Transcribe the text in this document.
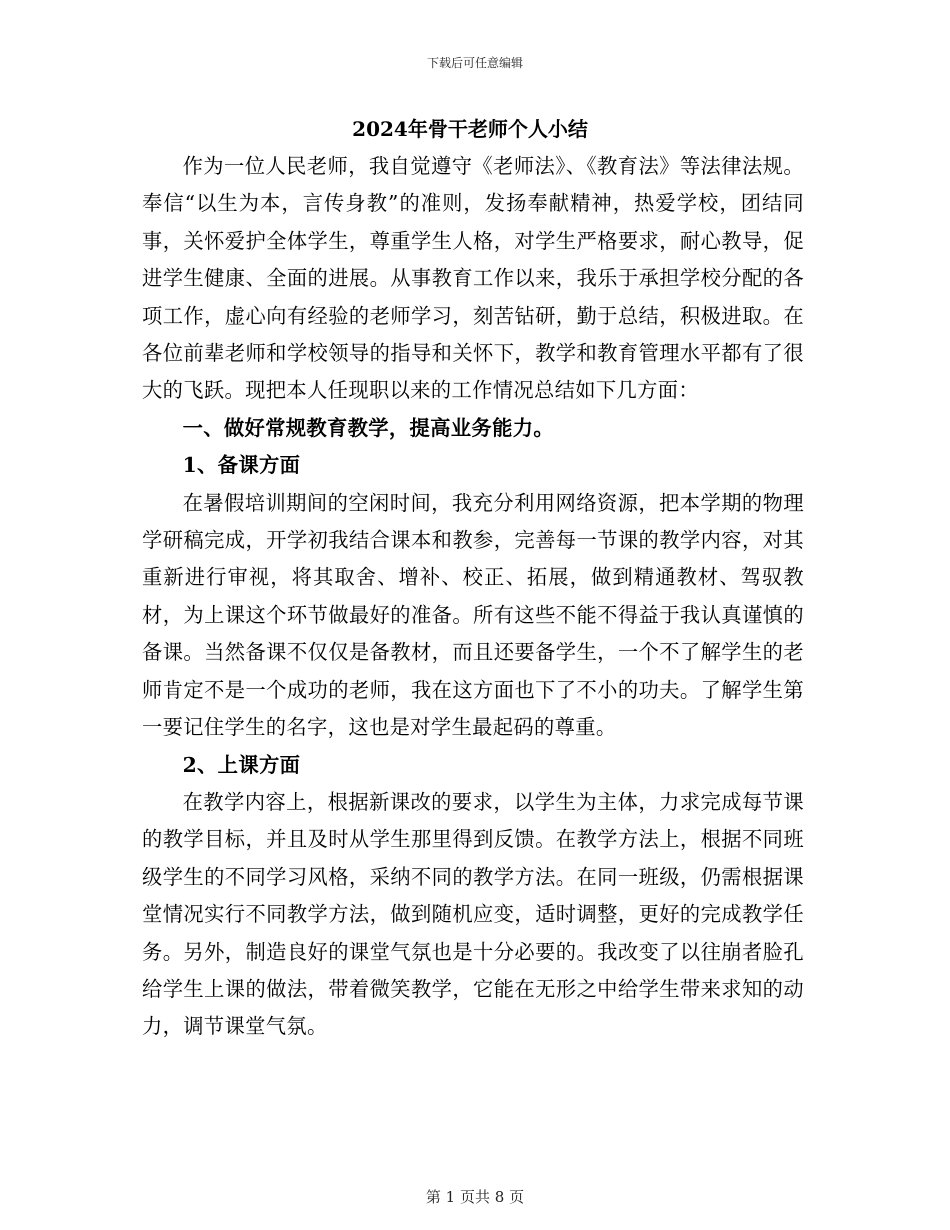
下载后可任意编辑
2024年骨干老师个人小结

作为一位人民老师，我自觉遵守《老师法》、《教育法》等法律法规。奉信“以生为本，言传身教”的准则，发扬奉献精神，热爱学校，团结同事，关怀爱护全体学生，尊重学生人格，对学生严格要求，耐心教导，促进学生健康、全面的进展。从事教育工作以来，我乐于承担学校分配的各项工作，虚心向有经验的老师学习，刻苦钻研，勤于总结，积极进取。在各位前辈老师和学校领导的指导和关怀下，教学和教育管理水平都有了很大的飞跃。现把本人任现职以来的工作情况总结如下几方面：

一、做好常规教育教学，提高业务能力。

1、备课方面

在暑假培训期间的空闲时间，我充分利用网络资源，把本学期的物理学研稿完成，开学初我结合课本和教参，完善每一节课的教学内容，对其重新进行审视，将其取舍、增补、校正、拓展，做到精通教材、驾驭教材，为上课这个环节做最好的准备。所有这些不能不得益于我认真谨慎的备课。当然备课不仅仅是备教材，而且还要备学生，一个不了解学生的老师肯定不是一个成功的老师，我在这方面也下了不小的功夫。了解学生第一要记住学生的名字，这也是对学生最起码的尊重。

2、上课方面

在教学内容上，根据新课改的要求，以学生为主体，力求完成每节课的教学目标，并且及时从学生那里得到反馈。在教学方法上，根据不同班级学生的不同学习风格，采纳不同的教学方法。在同一班级，仍需根据课堂情况实行不同教学方法，做到随机应变，适时调整，更好的完成教学任务。另外，制造良好的课堂气氛也是十分必要的。我改变了以往崩者脸孔给学生上课的做法，带着微笑教学，它能在无形之中给学生带来求知的动力，调节课堂气氛。

第 1 页共 8 页
